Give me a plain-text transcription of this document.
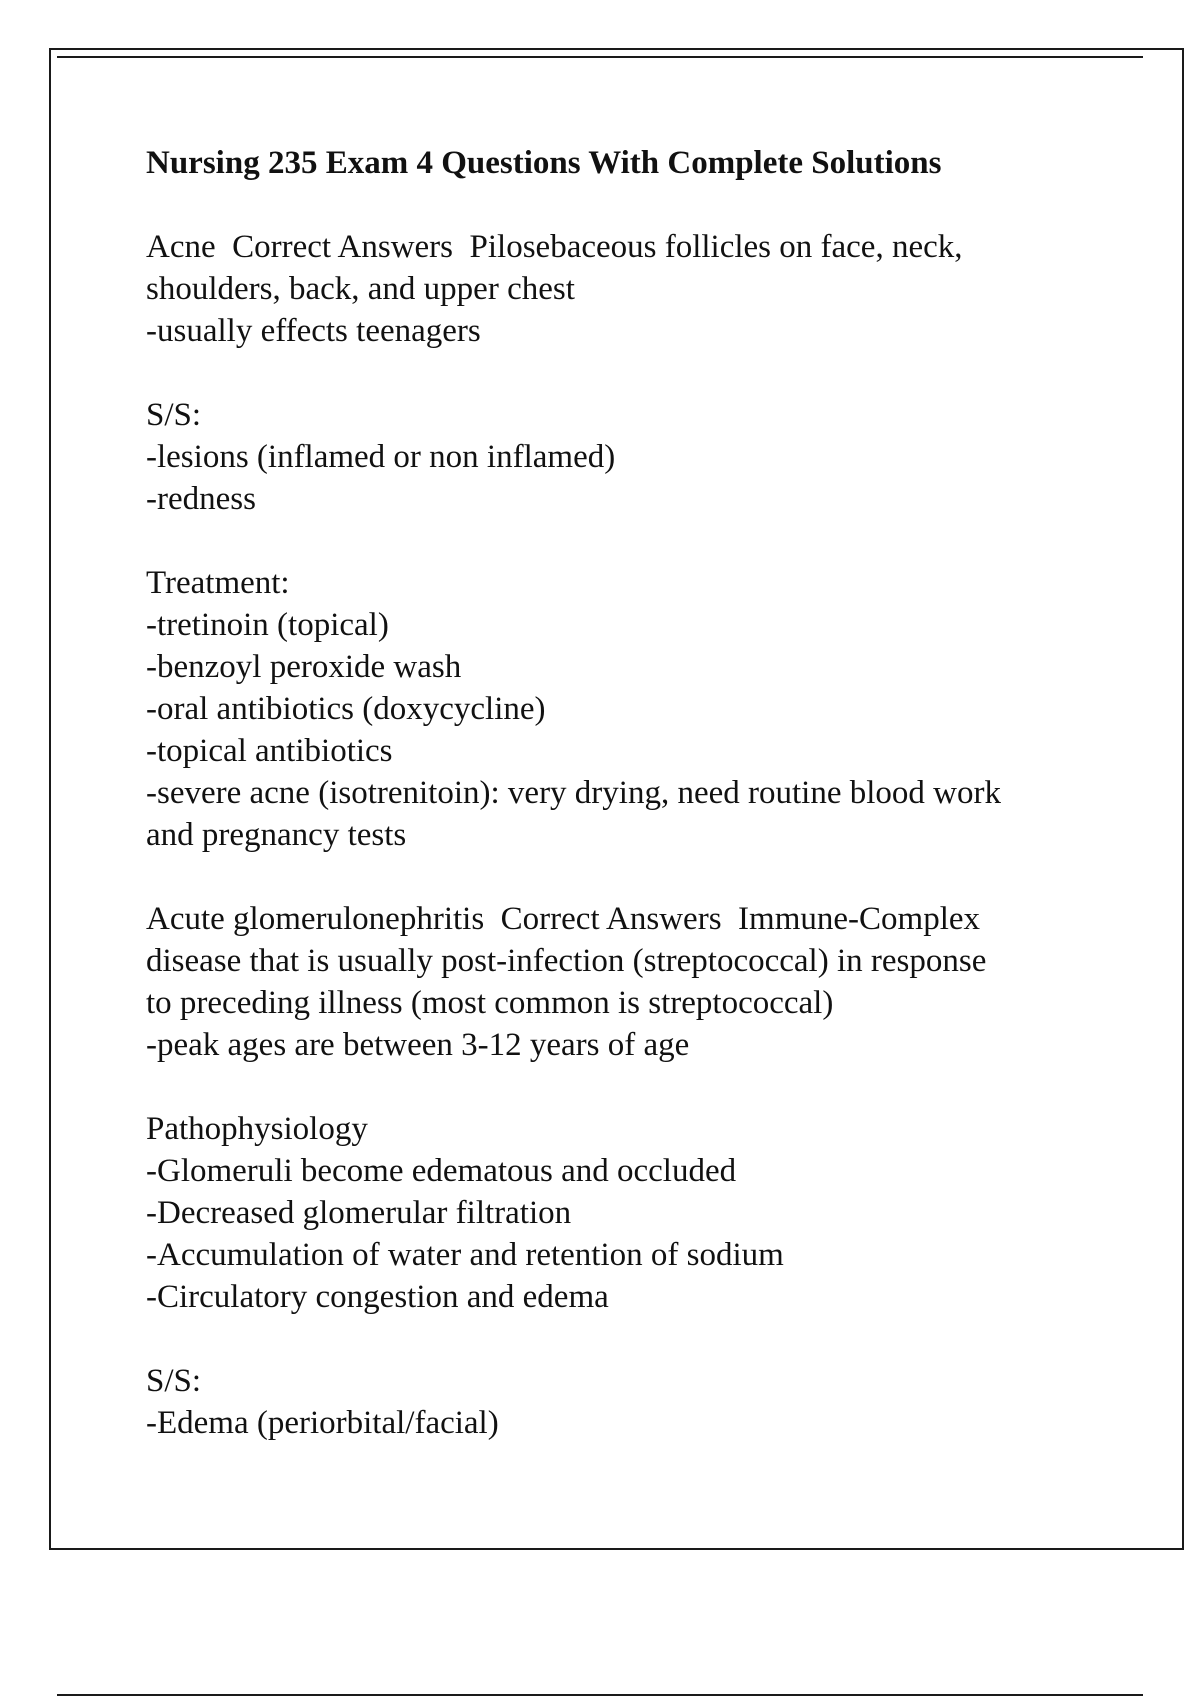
Nursing 235 Exam 4 Questions With Complete Solutions
Acne Correct Answers Pilosebaceous follicles on face, neck,
shoulders, back, and upper chest
-usually effects teenagers
S/S:
-lesions (inflamed or non inflamed)
-redness
Treatment:
-tretinoin (topical)
-benzoyl peroxide wash
-oral antibiotics (doxycycline)
-topical antibiotics
-severe acne (isotrenitoin): very drying, need routine blood work
and pregnancy tests
Acute glomerulonephritis Correct Answers Immune-Complex
disease that is usually post-infection (streptococcal) in response
to preceding illness (most common is streptococcal)
-peak ages are between 3-12 years of age
Pathophysiology
-Glomeruli become edematous and occluded
-Decreased glomerular filtration
-Accumulation of water and retention of sodium
-Circulatory congestion and edema
S/S:
-Edema (periorbital/facial)
